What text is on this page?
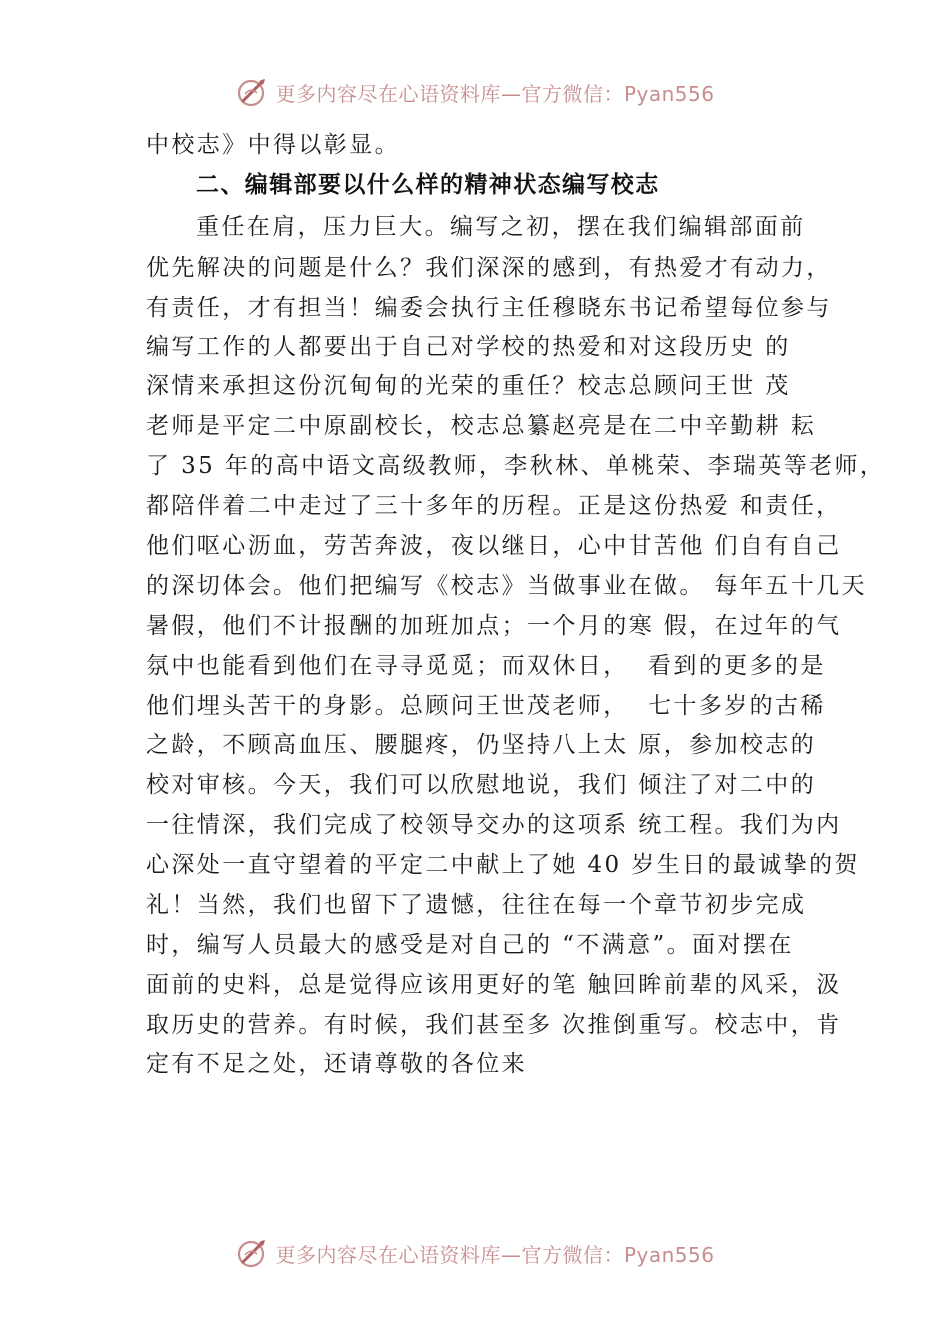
更多内容尽在心语资料库—官方微信：Pyan556
中校志》中得以彰显。
二、编辑部要以什么样的精神状态编写校志
重任在肩，压力巨大。编写之初，摆在我们编辑部面前
优先解决的问题是什么？我们深深的感到，有热爱才有动力，
有责任，才有担当！编委会执行主任穆晓东书记希望每位参与
编写工作的人都要出于自己对学校的热爱和对这段历史 的
深情来承担这份沉甸甸的光荣的重任？校志总顾问王世 茂
老师是平定二中原副校长，校志总纂赵亮是在二中辛勤耕 耘
了 35 年的高中语文高级教师，李秋林、单桃荣、李瑞英等老师，
都陪伴着二中走过了三十多年的历程。正是这份热爱 和责任，
他们呕心沥血，劳苦奔波，夜以继日，心中甘苦他 们自有自己
的深切体会。他们把编写《校志》当做事业在做。 每年五十几天
暑假，他们不计报酬的加班加点；一个月的寒 假，在过年的气
氛中也能看到他们在寻寻觅觅；而双休日，  看到的更多的是
他们埋头苦干的身影。总顾问王世茂老师，  七十多岁的古稀
之龄，不顾高血压、腰腿疼，仍坚持八上太 原，参加校志的
校对审核。今天，我们可以欣慰地说，我们 倾注了对二中的
一往情深，我们完成了校领导交办的这项系 统工程。我们为内
心深处一直守望着的平定二中献上了她 40 岁生日的最诚挚的贺
礼！当然，我们也留下了遗憾，往往在每一个章节初步完成
时，编写人员最大的感受是对自己的 “不满意”。面对摆在
面前的史料，总是觉得应该用更好的笔 触回眸前辈的风采，汲
取历史的营养。有时候，我们甚至多 次推倒重写。校志中，肯
定有不足之处，还请尊敬的各位来
更多内容尽在心语资料库—官方微信：Pyan556
